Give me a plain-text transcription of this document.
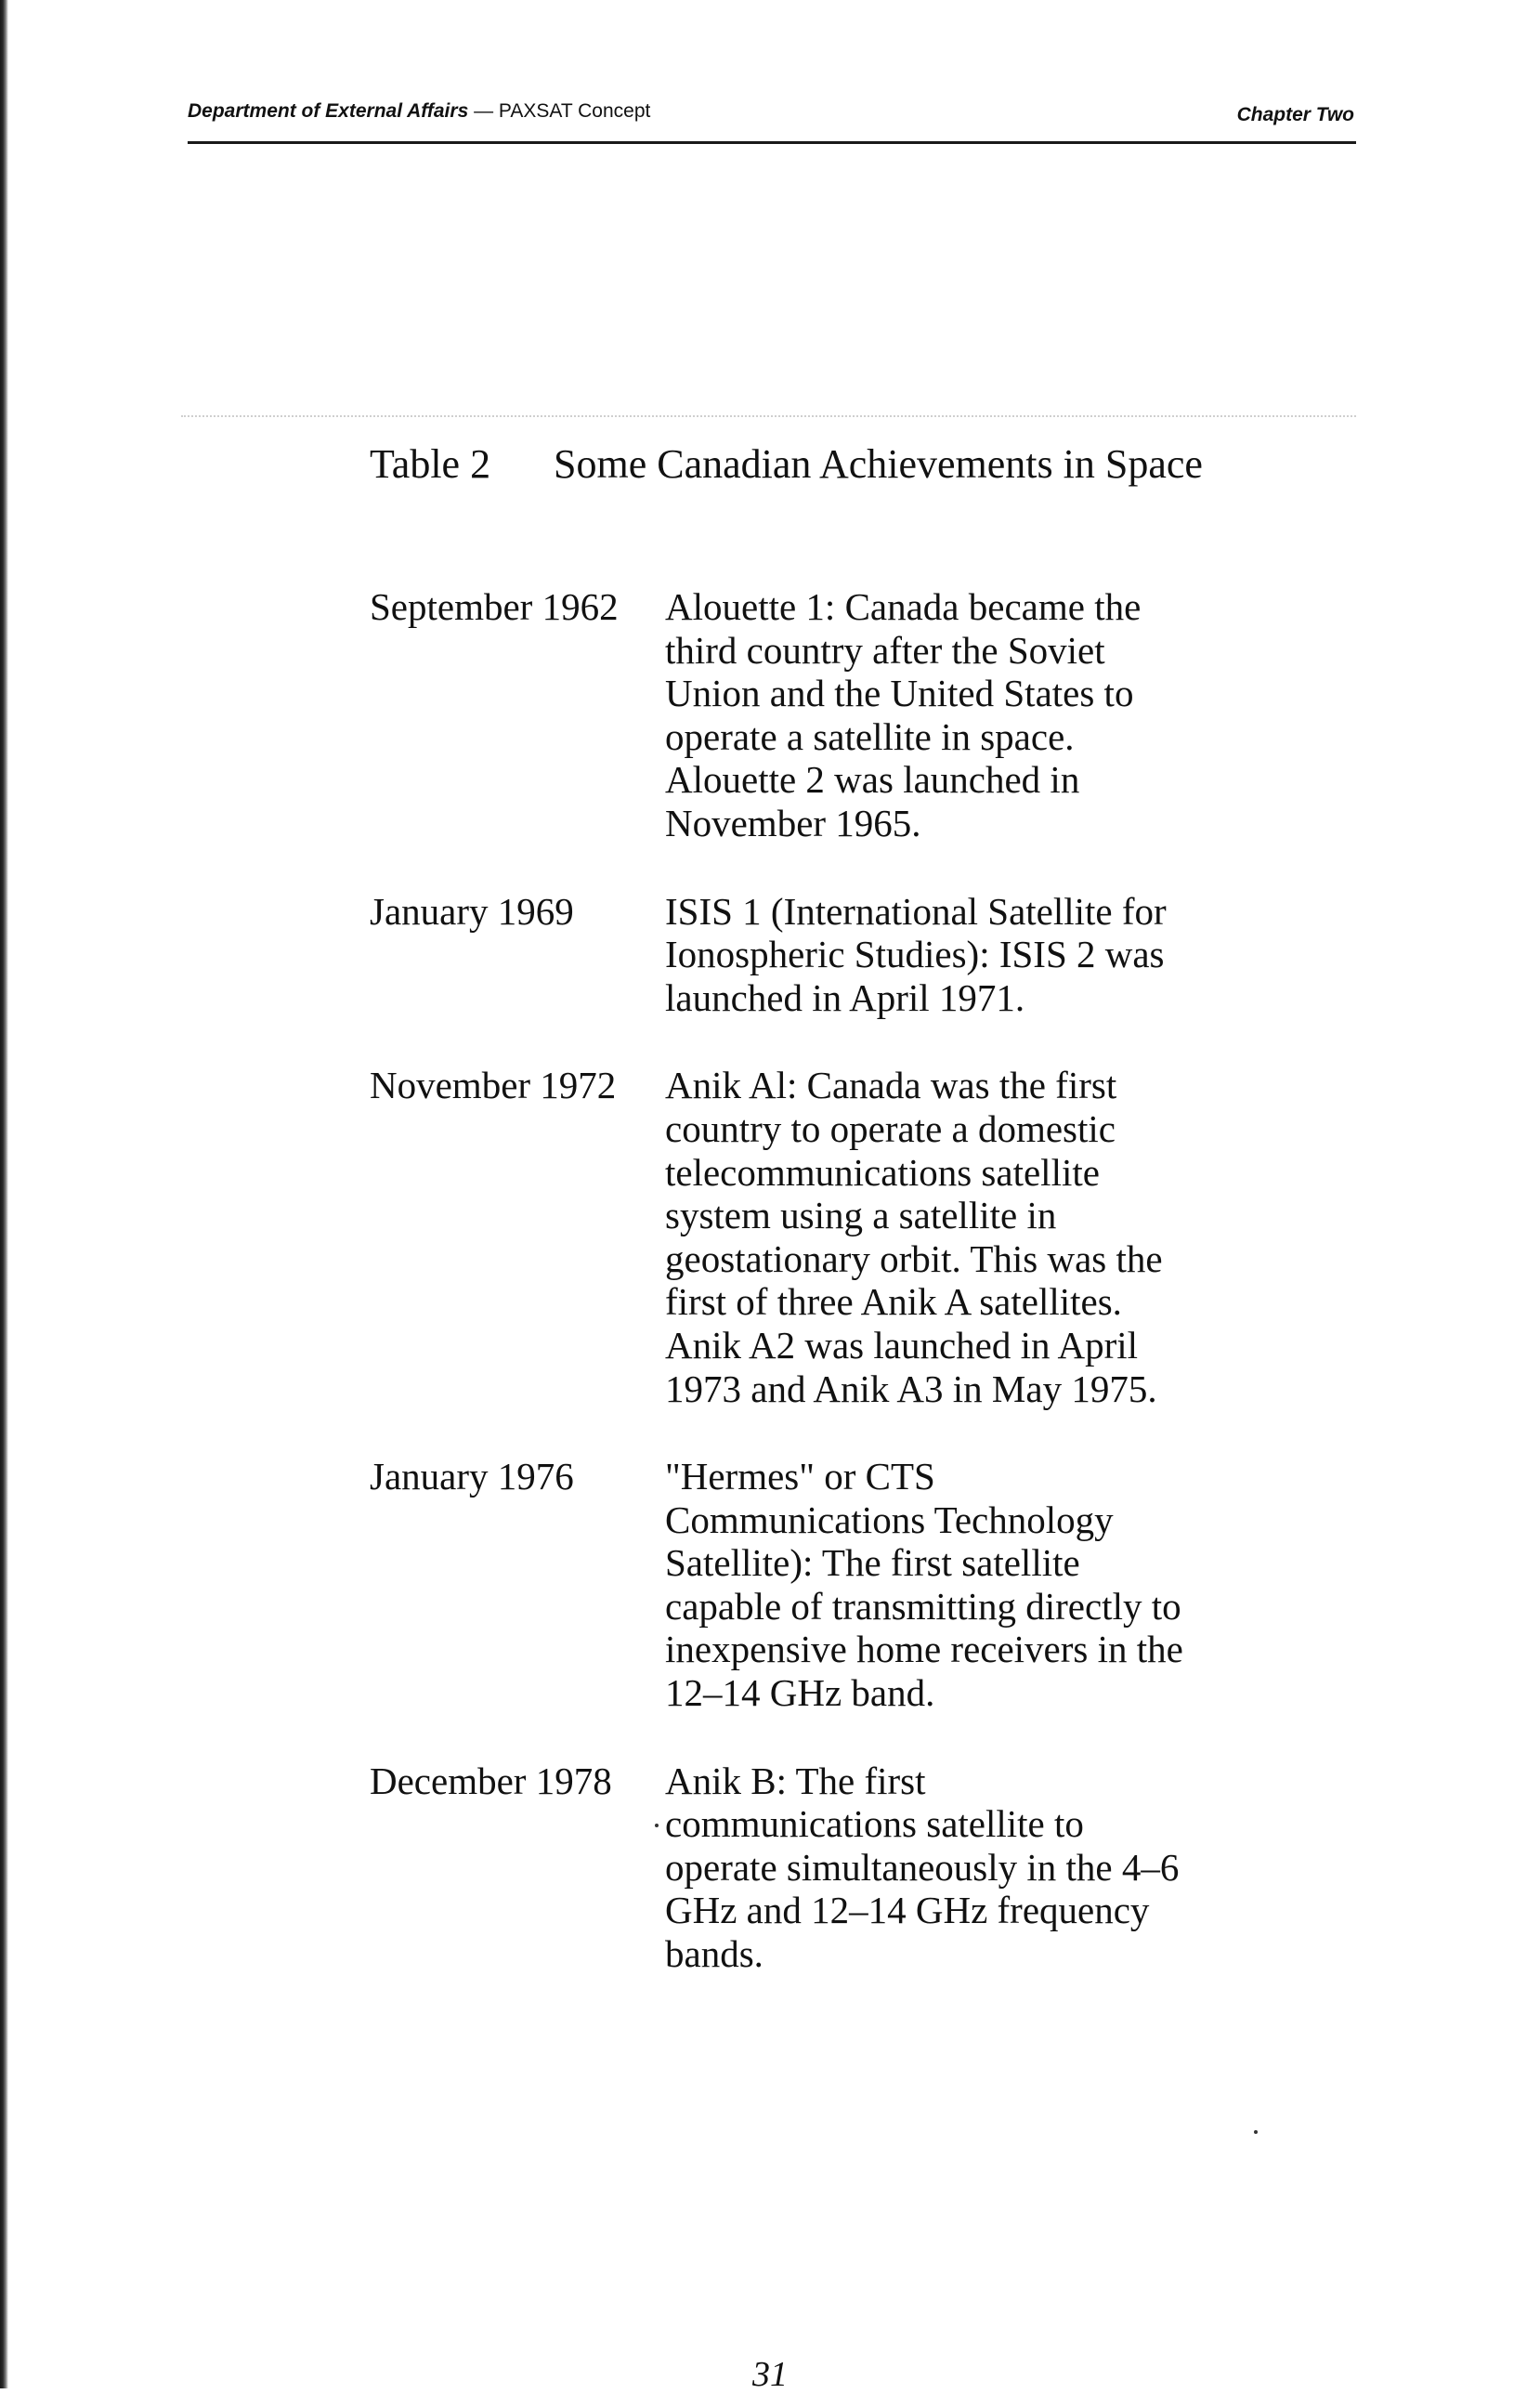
Department of External Affairs — PAXSAT Concept	Chapter Two
Table 2 Some Canadian Achievements in Space
September 1962	Alouette 1: Canada became the third country after the Soviet Union and the United States to operate a satellite in space. Alouette 2 was launched in November 1965.
January 1969	ISIS 1 (International Satellite for Ionospheric Studies): ISIS 2 was launched in April 1971.
November 1972	Anik Al: Canada was the first country to operate a domestic telecommunications satellite system using a satellite in geostationary orbit. This was the first of three Anik A satellites. Anik A2 was launched in April 1973 and Anik A3 in May 1975.
January 1976	"Hermes" or CTS Communications Technology Satellite): The first satellite capable of transmitting directly to inexpensive home receivers in the 12–14 GHz band.
December 1978	Anik B: The first communications satellite to operate simultaneously in the 4–6 GHz and 12–14 GHz frequency bands.
31
